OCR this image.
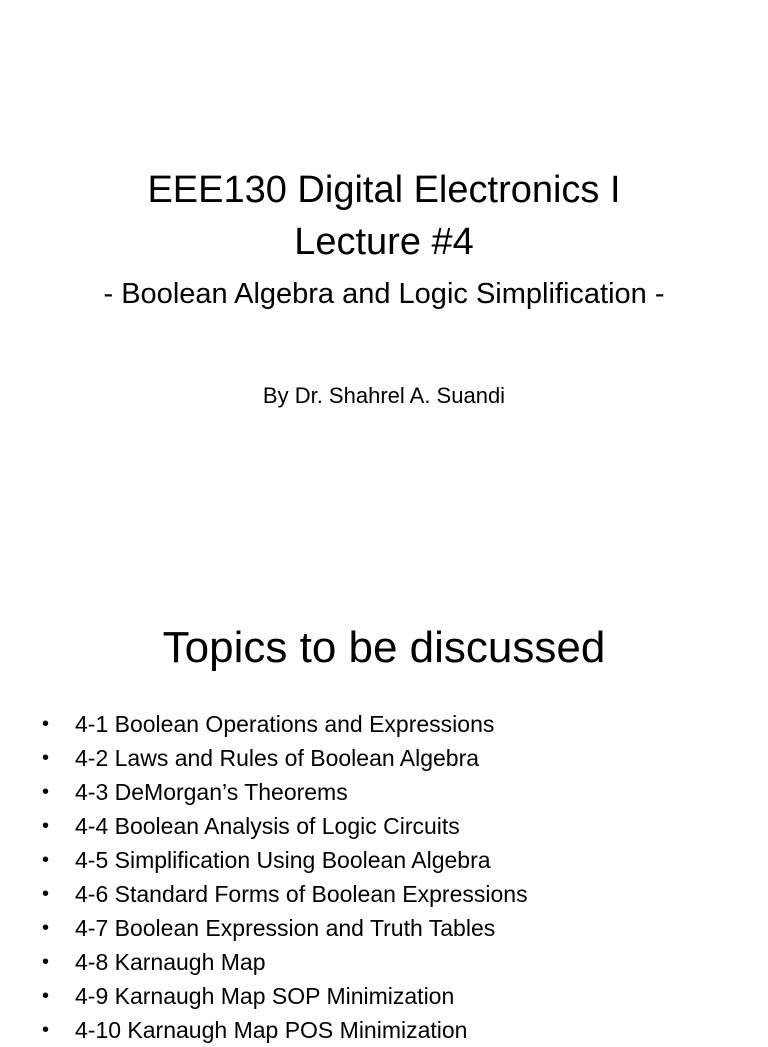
EEE130 Digital Electronics I
Lecture #4
- Boolean Algebra and Logic Simplification -
By Dr. Shahrel A. Suandi
Topics to be discussed
• 4-1 Boolean Operations and Expressions
• 4-2 Laws and Rules of Boolean Algebra
• 4-3 DeMorgan’s Theorems
• 4-4 Boolean Analysis of Logic Circuits
• 4-5 Simplification Using Boolean Algebra
• 4-6 Standard Forms of Boolean Expressions
• 4-7 Boolean Expression and Truth Tables
• 4-8 Karnaugh Map
• 4-9 Karnaugh Map SOP Minimization
• 4-10 Karnaugh Map POS Minimization
